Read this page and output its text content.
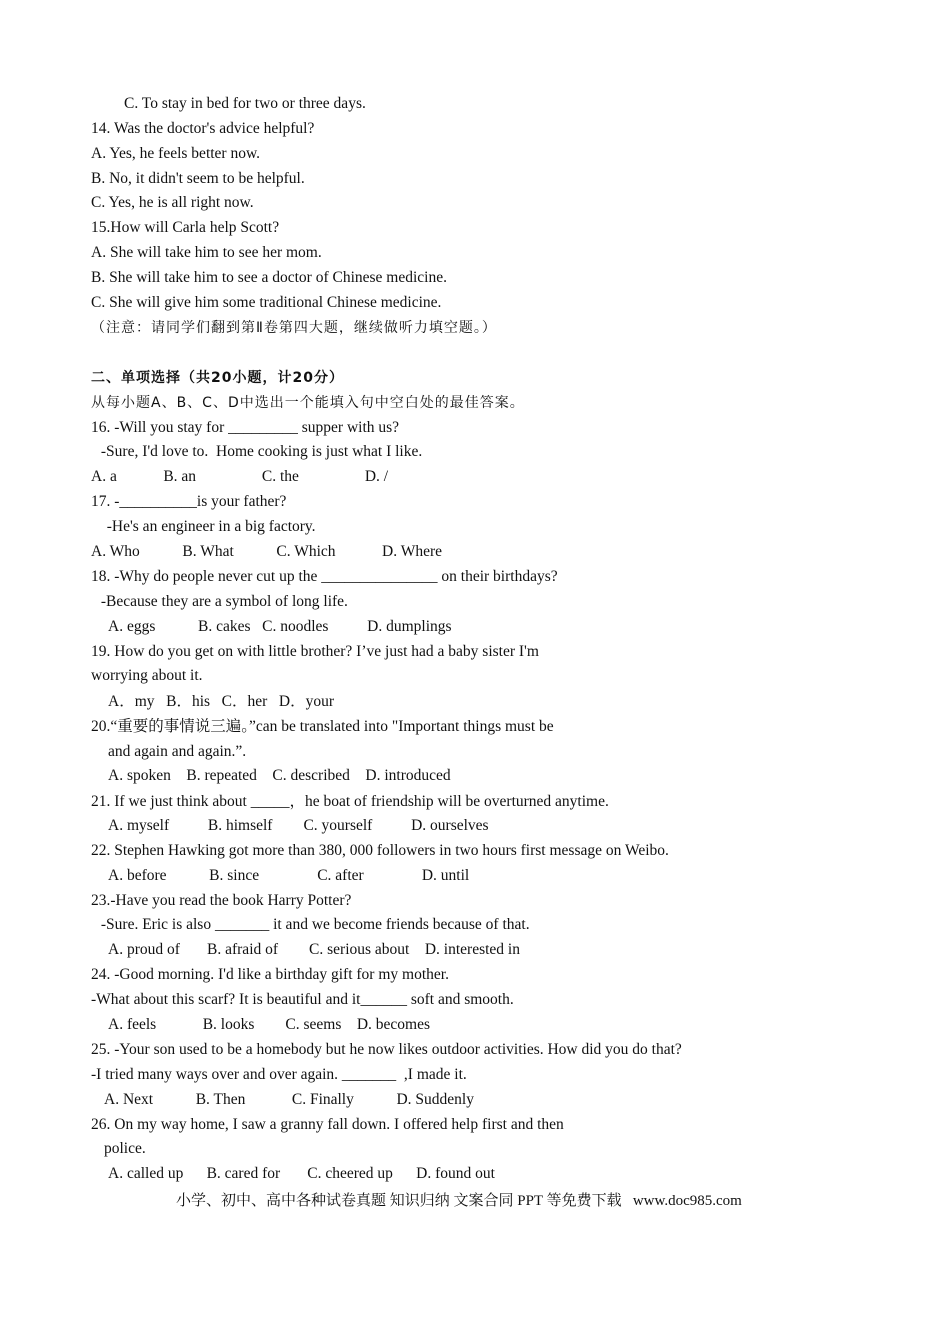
C. To stay in bed for two or three days.
14. Was the doctor's advice helpful?
A. Yes, he feels better now.
B. No, it didn't seem to be helpful.
C. Yes, he is all right now.
15.How will Carla help Scott?
A. She will take him to see her mom.
B. She will take him to see a doctor of Chinese medicine.
C. She will give him some traditional Chinese medicine.
（注意：请同学们翻到第Ⅱ卷第四大题，继续做听力填空题。）
二、单项选择（共20小题，计20分）
从每小题A、B、C、D中选出一个能填入句中空白处的最佳答案。
16. -Will you stay for _________ supper with us?
-Sure, I'd love to.  Home cooking is just what I like.
A. a            B. an                 C. the                 D. /
17. -__________is your father?
-He's an engineer in a big factory.
A. Who           B. What           C. Which            D. Where
18. -Why do people never cut up the _______________ on their birthdays?
-Because they are a symbol of long life.
A. eggs           B. cakes   C. noodles          D. dumplings
19. How do you get on with little brother? I’ve just had a baby sister I'm
worrying about it.
A．my   B．his   C．her   D．your
20.“重要的事情说三遍。”can be translated into "Important things must be
and again and again.”.
A. spoken    B. repeated    C. described    D. introduced
21. If we just think about _____，he boat of friendship will be overturned anytime.
A. myself          B. himself        C. yourself          D. ourselves
22. Stephen Hawking got more than 380, 000 followers in two hours first message on Weibo.
A. before           B. since               C. after               D. until
23.-Have you read the book Harry Potter?
-Sure. Eric is also _______ it and we become friends because of that.
A. proud of       B. afraid of        C. serious about    D. interested in
24. -Good morning. I'd like a birthday gift for my mother.
-What about this scarf? It is beautiful and it______ soft and smooth.
A. feels            B. looks        C. seems    D. becomes
25. -Your son used to be a homebody but he now likes outdoor activities. How did you do that?
-I tried many ways over and over again. _______  ,I made it.
A. Next           B. Then            C. Finally           D. Suddenly
26. On my way home, I saw a granny fall down. I offered help first and then
police.
A. called up      B. cared for       C. cheered up      D. found out
小学、初中、高中各种试卷真题 知识归纳 文案合同 PPT 等免费下载   www.doc985.com
